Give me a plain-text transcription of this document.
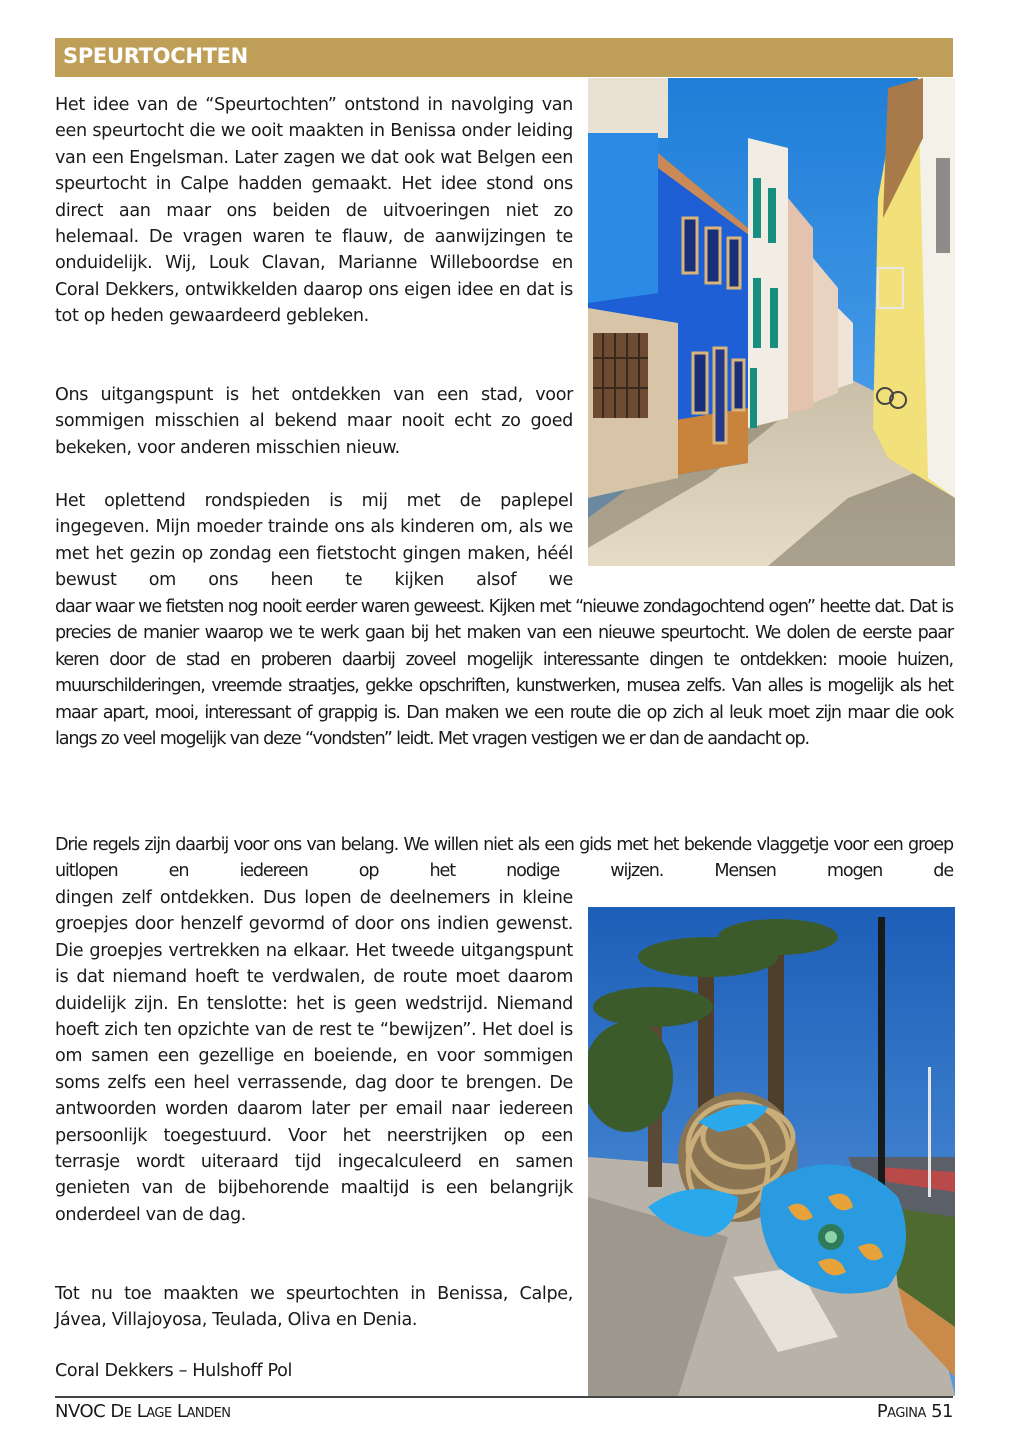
SPEURTOCHTEN

Het idee van de “Speurtochten” ontstond in navolging van een speurtocht die we ooit maakten in Benissa onder leiding van een Engelsman. Later zagen we dat ook wat Belgen een speurtocht in Calpe hadden gemaakt. Het idee stond ons direct aan maar ons beiden de uitvoeringen niet zo helemaal. De vragen waren te flauw, de aanwijzingen te onduidelijk. Wij, Louk Clavan, Marianne Willeboordse en Coral Dekkers, ontwikkelden daarop ons eigen idee en dat is tot op heden gewaardeerd gebleken.

Ons uitgangspunt is het ontdekken van een stad, voor sommigen misschien al bekend maar nooit echt zo goed bekeken, voor anderen misschien nieuw.

Het oplettend rondspieden is mij met de paplepel ingegeven. Mijn moeder trainde ons als kinderen om, als we met het gezin op zondag een fietstocht gingen maken, héél bewust om ons heen te kijken alsof we

daar waar we fietsten nog nooit eerder waren geweest. Kijken met “nieuwe zondagochtend ogen” heette dat. Dat is precies de manier waarop we te werk gaan bij het maken van een nieuwe speurtocht. We dolen de eerste paar keren door de stad en proberen daarbij zoveel mogelijk interessante dingen te ontdekken: mooie huizen, muurschilderingen, vreemde straatjes, gekke opschriften, kunstwerken, musea zelfs. Van alles is mogelijk als het maar apart, mooi, interessant of grappig is. Dan maken we een route die op zich al leuk moet zijn maar die ook langs zo veel mogelijk van deze “vondsten” leidt. Met vragen vestigen we er dan de aandacht op.

Drie regels zijn daarbij voor ons van belang. We willen niet als een gids met het bekende vlaggetje voor een groep uitlopen en iedereen op het nodige wijzen. Mensen mogen de

dingen zelf ontdekken. Dus lopen de deelnemers in kleine groepjes door henzelf gevormd of door ons indien gewenst. Die groepjes vertrekken na elkaar. Het tweede uitgangspunt is dat niemand hoeft te verdwalen, de route moet daarom duidelijk zijn. En tenslotte: het is geen wedstrijd. Niemand hoeft zich ten opzichte van de rest te “bewijzen”. Het doel is om samen een gezellige en boeiende, en voor sommigen soms zelfs een heel verrassende, dag door te brengen. De antwoorden worden daarom later per email naar iedereen persoonlijk toegestuurd. Voor het neerstrijken op een terrasje wordt uiteraard tijd ingecalculeerd en samen genieten van de bijbehorende maaltijd is een belangrijk onderdeel van de dag.

Tot nu toe maakten we speurtochten in Benissa, Calpe, Jávea, Villajoyosa, Teulada, Oliva en Denia.

Coral Dekkers – Hulshoff Pol

NVOC De Lage Landen	Pagina 51
